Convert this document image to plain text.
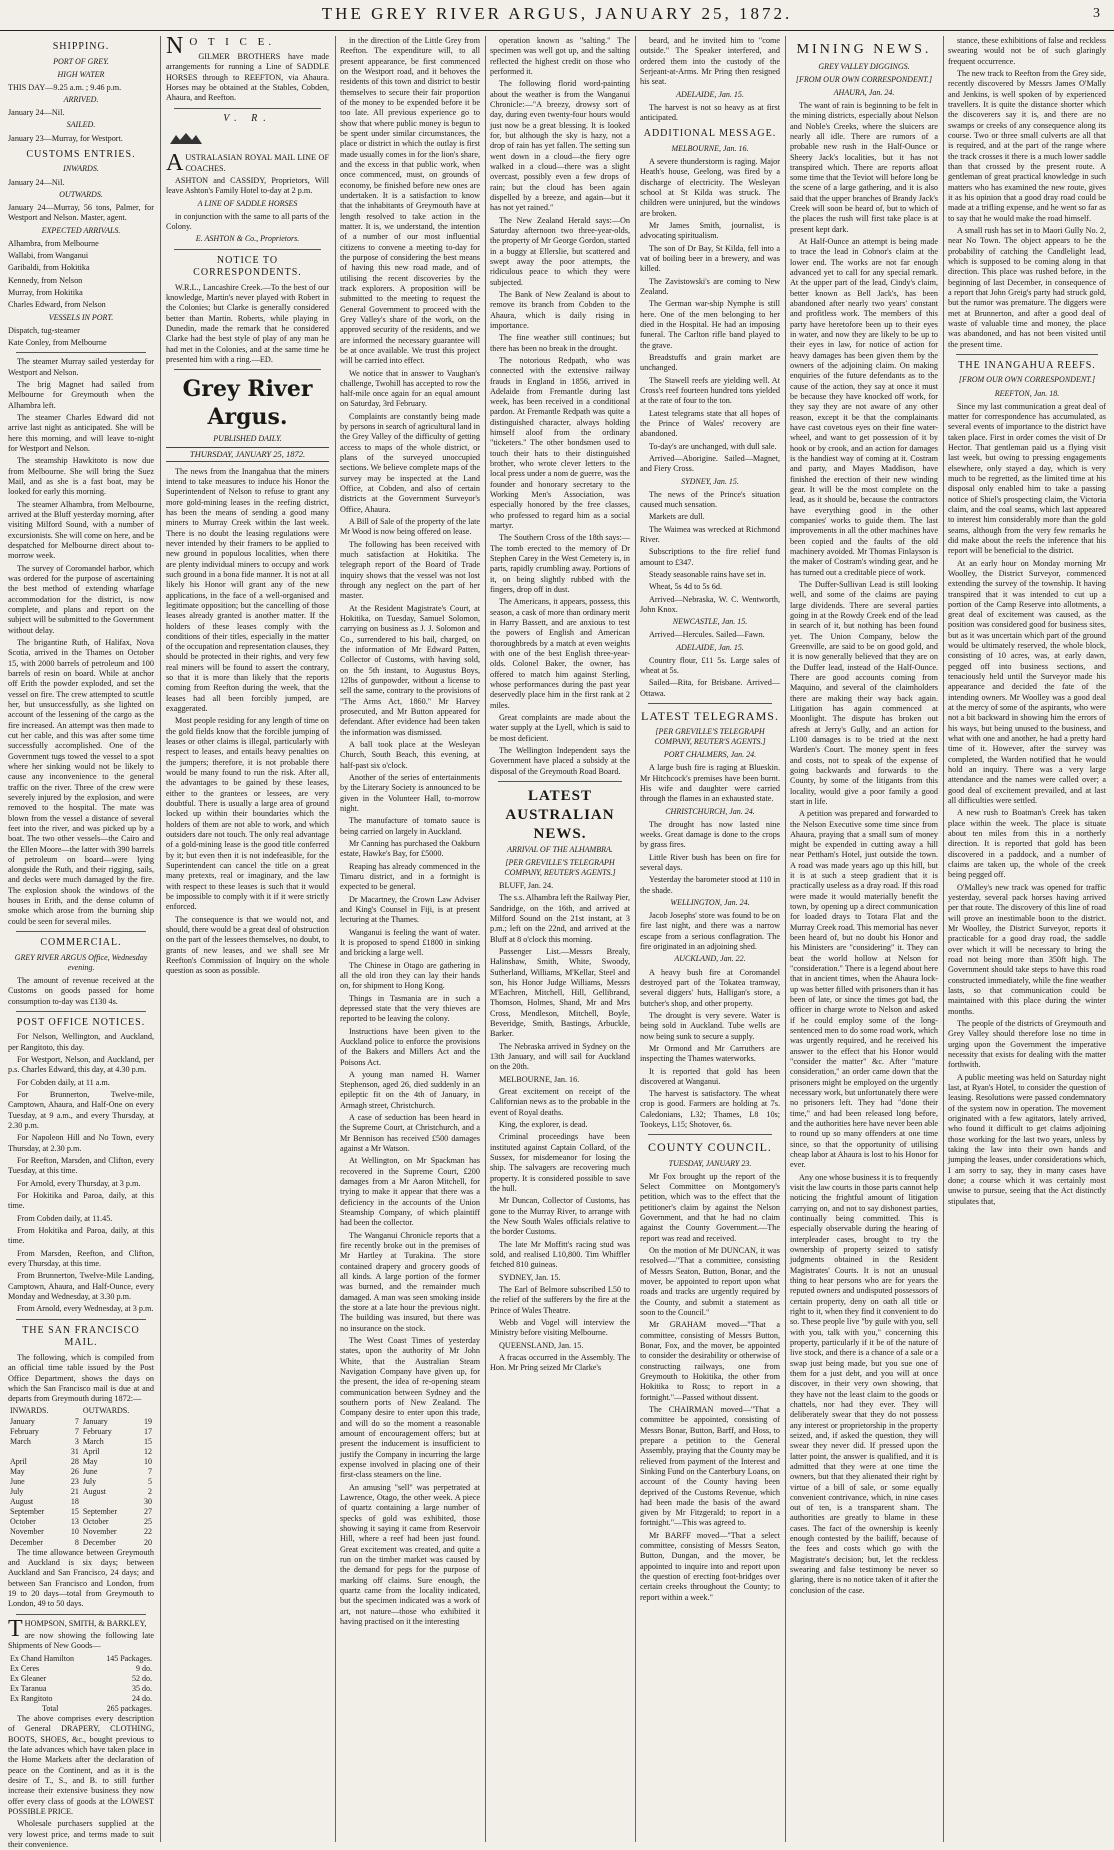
THE GREY RIVER ARGUS, JANUARY 25, 1872.	3
SHIPPING.
PORT OF GREY.
HIGH WATER

THIS DAY—9.25 a.m. ; 9.46 p.m.

ARRIVED.

January 24—Nil.

SAILED.

January 23—Murray, for Westport.

CUSTOMS ENTRIES.
INWARDS.

January 24—Nil.

OUTWARDS.

January 24—Murray, 56 tons, Palmer, for Westport and Nelson. Master, agent.

EXPECTED ARRIVALS.

Alhambra, from Melbourne

Wallabi, from Wanganui

Garibaldi, from Hokitika

Kennedy, from Nelson

Murray, from Hokitika

Charles Edward, from Nelson

VESSELS IN PORT.

Dispatch, tug-steamer

Kate Conley, from Melbourne

The steamer Murray sailed yesterday for Westport and Nelson.

The brig Magnet had sailed from Melbourne for Greymouth when the Alhambra left.

The steamer Charles Edward did not arrive last night as anticipated. She will be here this morning, and will leave to-night for Westport and Nelson.

The steamship Hawkitoto is now due from Melbourne. She will bring the Suez Mail, and as she is a fast boat, may be looked for early this morning.

The steamer Alhambra, from Melbourne, arrived at the Bluff yesterday morning, after visiting Milford Sound, with a number of excursionists. She will come on here, and be despatched for Melbourne direct about to-morrow week.

The survey of Coromandel harbor, which was ordered for the purpose of ascertaining the best method of extending wharfage accommodation for the district, is now complete, and plans and report on the subject will be submitted to the Government without delay.

The brigantine Ruth, of Halifax, Nova Scotia, arrived in the Thames on October 15, with 2000 barrels of petroleum and 100 barrels of resin on board. While at anchor off Erith the powder exploded, and set the vessel on fire. The crew attempted to scuttle her, but unsuccessfully, as she lighted on account of the lessening of the cargo as the fire increased. An attempt was then made to cut her cable, and this was after some time successfully accomplished. One of the Government tugs towed the vessel to a spot where her sinking would not be likely to cause any inconvenience to the general traffic on the river. Three of the crew were severely injured by the explosion, and were removed to the hospital. The mate was blown from the vessel a distance of several feet into the river, and was picked up by a boat. The two other vessels—the Cairo and the Ellen Moore—the latter with 390 barrels of petroleum on board—were lying alongside the Ruth, and their rigging, sails, and decks were much damaged by the fire. The explosion shook the windows of the houses in Erith, and the dense column of smoke which arose from the burning ship could be seen for several miles.

COMMERCIAL.
GREY RIVER ARGUS Office, Wednesday evening.

The amount of revenue received at the Customs on goods passed for home consumption to-day was £130 4s.

POST OFFICE NOTICES.

For Nelson, Wellington, and Auckland, per Rangitoto, this day.

For Westport, Nelson, and Auckland, per p.s. Charles Edward, this day, at 4.30 p.m.

For Cobden daily, at 11 a.m.

For Brunnerton, Twelve-mile, Camptown, Ahaura, and Half-One on every Tuesday, at 9 a.m., and every Thursday, at 2.30 p.m.

For Napoleon Hill and No Town, every Thursday, at 2.30 p.m.

For Reefton, Marsden, and Clifton, every Tuesday, at this time.

For Arnold, every Thursday, at 3 p.m.

For Hokitika and Paroa, daily, at this time.

From Cobden daily, at 11.45.

From Hokitika and Paroa, daily, at this time.

From Marsden, Reefton, and Clifton, every Thursday, at this time.

From Brunnerton, Twelve-Mile Landing, Camptown, Ahaura, and Half-Ounce, every Monday and Wednesday, at 3.30 p.m.

From Arnold, every Wednesday, at 3 p.m.

THE SAN FRANCISCO MAIL.

The following, which is compiled from an official time table issued by the Post Office Department, shows the days on which the San Francisco mail is due at and departs from Greymouth during 1872:—

INWARDS.		OUTWARDS.	
January	7	January	19
February	7	February	17
March	3	March	15
	31	April	12
April	28	May	10
May	26	June	7
June	23	July	5
July	21	August	2
August	18		30
September	15	September	27
October	13	October	25
November	10	November	22
December	8	December	20

The time allowance between Greymouth and Auckland is six days; between Auckland and San Francisco, 24 days; and between San Francisco and London, from 19 to 20 days—total from Greymouth to London, 49 to 50 days.

THOMPSON, SMITH, & BARKLEY,

are now showing the following late Shipments of New Goods—

Ex Chand Hamilton	145 Packages.
Ex Ceres	9 do.
Ex Gleaner	52 do.
Ex Taranua	35 do.
Ex Rangitoto	24 do.
Total	265 packages.

The above comprises every description of General DRAPERY, CLOTHING, BOOTS, SHOES, &c., bought previous to the late advances which have taken place in the Home Markets after the declaration of peace on the Continent, and as it is the desire of T., S., and B. to still further increase their extensive business they now offer every class of goods at the LOWEST POSSIBLE PRICE.

Wholesale purchasers supplied at the very lowest price, and terms made to suit their convenience.

N O T I C E.

GILMER BROTHERS have made arrangements for running a Line of SADDLE HORSES through to REEFTON, via Ahaura. Horses may be obtained at the Stables, Cobden, Ahaura, and Reefton.

V. R.

AUSTRALASIAN ROYAL MAIL LINE OF COACHES.

ASHTON and CASSIDY, Proprietors, Will leave Ashton's Family Hotel to-day at 2 p.m.

A LINE OF SADDLE HORSES

in conjunction with the same to all parts of the Colony.

E. ASHTON & Co., Proprietors.
NOTICE TO CORRESPONDENTS.

W.R.L., Lancashire Creek.—To the best of our knowledge, Martin's never played with Robert in the Colonies; but Clarke is generally considered better than Martin. Roberts, while playing in Dunedin, made the remark that he considered Clarke had the best style of play of any man he had met in the Colonies, and at the same time he presented him with a ring.—ED.

Grey River Argus.
PUBLISHED DAILY.
THURSDAY, JANUARY 25, 1872.

The news from the Inangahua that the miners intend to take measures to induce his Honor the Superintendent of Nelson to refuse to grant any more gold-mining leases in the reefing district, has been the means of sending a good many miners to Murray Creek within the last week. There is no doubt the leasing regulations were never intended by their framers to be applied to new ground in populous localities, when there are plenty individual miners to occupy and work such ground in a bona fide manner. It is not at all likely his Honor will grant any of the new applications, in the face of a well-organised and legitimate opposition; but the cancelling of those leases already granted is another matter. If the holders of these leases comply with the conditions of their titles, especially in the matter of the occupation and representation clauses, they should be protected in their rights, and very few real miners will be found to assert the contrary, so that it is more than likely that the reports coming from Reefton during the week, that the leases had all been forcibly jumped, are exaggerated.

Most people residing for any length of time on the gold fields know that the forcible jumping of leases or other claims is illegal, particularly with respect to leases, and entails heavy penalties on the jumpers; therefore, it is not probable there would be many found to run the risk. After all, the advantages to be gained by these leases, either to the grantees or lessees, are very doubtful. There is usually a large area of ground locked up within their boundaries which the holders of them are not able to work, and which outsiders dare not touch. The only real advantage of a gold-mining lease is the good title conferred by it; but even then it is not indefeasible, for the Superintendent can cancel the title on a great many pretexts, real or imaginary, and the law with respect to these leases is such that it would be impossible to comply with it if it were strictly enforced.

The consequence is that we would not, and should, there would be a great deal of obstruction on the part of the lessees themselves, no doubt, to grants of new leases, and we shall see Mr Reefton's Commission of Inquiry on the whole question as soon as possible.

in the direction of the Little Grey from Reefton. The expenditure will, to all present appearance, be first commenced on the Westport road, and it behoves the residents of this town and district to bestir themselves to secure their fair proportion of the money to be expended before it be too late. All previous experience go to show that where public money is begun to be spent under similar circumstances, the place or district in which the outlay is first made usually comes in for the lion's share, and the excess in that public work, when once commenced, must, on grounds of economy, be finished before new ones are undertaken. It is a satisfaction to know that the inhabitants of Greymouth have at length resolved to take action in the matter. It is, we understand, the intention of a number of our most influential citizens to convene a meeting to-day for the purpose of considering the best means of having this new road made, and of utilising the recent discoveries by the track explorers. A proposition will be submitted to the meeting to request the General Government to proceed with the Grey Valley's share of the work, on the approved security of the residents, and we are informed the necessary guarantee will be at once available. We trust this project will be carried into effect.

We notice that in answer to Vaughan's challenge, Twohill has accepted to row the half-mile once again for an equal amount on Saturday, 3rd February.

Complaints are constantly being made by persons in search of agricultural land in the Grey Valley of the difficulty of getting access to maps of the whole district, or plans of the surveyed unoccupied sections. We believe complete maps of the survey may be inspected at the Land Office, at Cobden, and also of certain districts at the Government Surveyor's Office, Ahaura.

A Bill of Sale of the property of the late Mr Wood is now being offered on lease.

The following has been received with much satisfaction at Hokitika. The telegraph report of the Board of Trade inquiry shows that the vessel was not lost through any neglect on the part of her master.

At the Resident Magistrate's Court, at Hokitika, on Tuesday, Samuel Solomon, carrying on business as J. J. Solomon and Co., surrendered to his bail, charged, on the information of Mr Edward Patten, Collector of Customs, with having sold, on the 5th instant, to Augustus Boys, 12lbs of gunpowder, without a license to sell the same, contrary to the provisions of "The Arms Act, 1860." Mr Harvey prosecuted, and Mr Button appeared for defendant. After evidence had been taken the information was dismissed.

A ball took place at the Wesleyan Church, South Beach, this evening, at half-past six o'clock.

Another of the series of entertainments by the Literary Society is announced to be given in the Volunteer Hall, to-morrow night.

The manufacture of tomato sauce is being carried on largely in Auckland.

Mr Canning has purchased the Oakburn estate, Hawke's Bay, for £5000.

Reaping has already commenced in the Timaru district, and in a fortnight is expected to be general.

Dr Macartney, the Crown Law Adviser and King's Counsel in Fiji, is at present lecturing at the Thames.

Wanganui is feeling the want of water. It is proposed to spend £1800 in sinking and bricking a large well.

The Chinese in Otago are gathering in all the old iron they can lay their hands on, for shipment to Hong Kong.

Things in Tasmania are in such a depressed state that the very thieves are reported to be leaving the colony.

Instructions have been given to the Auckland police to enforce the provisions of the Bakers and Millers Act and the Poisons Act.

A young man named H. Warner Stephenson, aged 26, died suddenly in an epileptic fit on the 4th of January, in Armagh street, Christchurch.

A case of seduction has been heard in the Supreme Court, at Christchurch, and a Mr Bennison has received £500 damages against a Mr Watson.

At Wellington, on Mr Spackman has recovered in the Supreme Court, £200 damages from a Mr Aaron Mitchell, for trying to make it appear that there was a deficiency in the accounts of the Union Steamship Company, of which plaintiff had been the collector.

The Wanganui Chronicle reports that a fire recently broke out in the premises of Mr Hartley at Turakina. The store contained drapery and grocery goods of all kinds. A large portion of the former was burned, and the remainder much damaged. A man was seen smoking inside the store at a late hour the previous night. The building was insured, but there was no insurance on the stock.

The West Coast Times of yesterday states, upon the authority of Mr John White, that the Australian Steam Navigation Company have given up, for the present, the idea of re-opening steam communication between Sydney and the southern ports of New Zealand. The Company desire to enter upon this trade, and will do so the moment a reasonable amount of encouragement offers; but at present the inducement is insufficient to justify the Company in incurring the large expense involved in placing one of their first-class steamers on the line.

An amusing "sell" was perpetrated at Lawrence, Otago, the other week. A piece of quartz containing a large number of specks of gold was exhibited, those showing it saying it came from Reservoir Hill, where a reef had been just found. Great excitement was created, and quite a run on the timber market was caused by the demand for pegs for the purpose of marking off claims. Sure enough, the quartz came from the locality indicated, but the specimen indicated was a work of art, not nature—those who exhibited it having practised on it the interesting

operation known as "salting." The specimen was well got up, and the salting reflected the highest credit on those who performed it.

The following florid word-painting about the weather is from the Wanganui Chronicle:—"A breezy, drowsy sort of day, during even twenty-four hours would just now be a great blessing. It is looked for, but although the sky is hazy, not a drop of rain has yet fallen. The setting sun went down in a cloud—the fiery ogre walked in a cloud—there was a slight overcast, possibly even a few drops of rain; but the cloud has been again dispelled by a breeze, and again—but it has not yet rained."

The New Zealand Herald says:—On Saturday afternoon two three-year-olds, the property of Mr George Gordon, started in a buggy at Ellerslie, but scattered and swept away the poor attempts, the ridiculous peace to which they were subjected.

The Bank of New Zealand is about to remove its branch from Cobden to the Ahaura, which is daily rising in importance.

The fine weather still continues; but there has been no break in the drought.

The notorious Redpath, who was connected with the extensive railway frauds in England in 1856, arrived in Adelaide from Fremantle during last week, has been received in a conditional pardon. At Fremantle Redpath was quite a distinguished character, always holding himself aloof from the ordinary "ticketers." The other bondsmen used to touch their hats to their distinguished brother, who wrote clever letters to the local press under a nom de guerre, was the founder and honorary secretary to the Working Men's Association, was especially honored by the free classes, who professed to regard him as a social martyr.

The Southern Cross of the 18th says:—The tomb erected to the memory of Dr Stephen Carey in the West Cemetery is, in parts, rapidly crumbling away. Portions of it, on being slightly rubbed with the fingers, drop off in dust.

The Americans, it appears, possess, this season, a cask of more than ordinary merit in Harry Bassett, and are anxious to test the powers of English and American thoroughbreds by a match at even weights with one of the best English three-year-olds. Colonel Baker, the owner, has offered to match him against Sterling, whose performances during the past year deservedly place him in the first rank at 2 miles.

Great complaints are made about the water supply at the Lyell, which is said to be most deficient.

The Wellington Independent says the Government have placed a subsidy at the disposal of the Greymouth Road Board.

LATEST AUSTRALIAN NEWS.
ARRIVAL OF THE ALHAMBRA.
[PER GREVILLE'S TELEGRAPH COMPANY, REUTER'S AGENTS.]

BLUFF, Jan. 24.

The s.s. Alhambra left the Railway Pier, Sandridge, on the 16th, and arrived at Milford Sound on the 21st instant, at 3 p.m.; left on the 22nd, and arrived at the Bluff at 8 o'clock this morning.

Passenger List.—Messrs Brealy, Halinshaw, Smith, White, Swoody, Sutherland, Williams, M'Kellar, Steel and son, his Honor Judge Williams, Messrs M'Eachren, Mitchell, Hill, Gellibrand, Thomson, Holmes, Shand, Mr and Mrs Cross, Mendleson, Mitchell, Boyle, Beveridge, Smith, Bastings, Arbuckle, Barker.

The Nebraska arrived in Sydney on the 13th January, and will sail for Auckland on the 20th.

MELBOURNE, Jan. 16.

Great excitement on receipt of the Californian news as to the probable in the event of Royal deaths.

King, the explorer, is dead.

Criminal proceedings have been instituted against Captain Collard, of the Sussex, for misdemeanor for losing the ship. The salvagers are recovering much property. It is considered possible to save the hull.

Mr Duncan, Collector of Customs, has gone to the Murray River, to arrange with the New South Wales officials relative to the border Customs.

The late Mr Moffitt's racing stud was sold, and realised L10,800. Tim Whiffler fetched 810 guineas.

SYDNEY, Jan. 15.

The Earl of Belmore subscribed L50 to the relief of the sufferers by the fire at the Prince of Wales Theatre.

Webb and Vogel will interview the Ministry before visiting Melbourne.

QUEENSLAND, Jan. 15.

A fracas occurred in the Assembly. The Hon. Mr Pring seized Mr Clarke's

beard, and he invited him to "come outside." The Speaker interfered, and ordered them into the custody of the Serjeant-at-Arms. Mr Pring then resigned his seat.

ADELAIDE, Jan. 15.

The harvest is not so heavy as at first anticipated.

ADDITIONAL MESSAGE.
MELBOURNE, Jan. 16.

A severe thunderstorm is raging. Major Heath's house, Geelong, was fired by a discharge of electricity. The Wesleyan school at St Kilda was struck. The children were uninjured, but the windows are broken.

Mr James Smith, journalist, is advocating spiritualism.

The son of Dr Bay, St Kilda, fell into a vat of boiling beer in a brewery, and was killed.

The Zavistowski's are coming to New Zealand.

The German war-ship Nymphe is still here. One of the men belonging to her died in the Hospital. He had an imposing funeral. The Carlton rifle band played to the grave.

Breadstuffs and grain market are unchanged.

The Stawell reefs are yielding well. At Cross's reef fourteen hundred tons yielded at the rate of four to the ton.

Latest telegrams state that all hopes of the Prince of Wales' recovery are abandoned.

To-day's are unchanged, with dull sale.

Arrived—Aborigine. Sailed—Magnet, and Fiery Cross.

SYDNEY, Jan. 15.

The news of the Prince's situation caused much sensation.

Markets are dull.

The Waimea was wrecked at Richmond River.

Subscriptions to the fire relief fund amount to £347.

Steady seasonable rains have set in.

Wheat, 5s 4d to 5s 6d.

Arrived—Nebraska, W. C. Wentworth, John Knox.

NEWCASTLE, Jan. 15.

Arrived—Hercules. Sailed—Fawn.

ADELAIDE, Jan. 15.

Country flour, £11 5s. Large sales of wheat at 5s.

Sailed—Rita, for Brisbane. Arrived—Ottawa.

LATEST TELEGRAMS.
[PER GREVILLE'S TELEGRAPH COMPANY, REUTER'S AGENTS.]
PORT CHALMERS, Jan. 24.

A large bush fire is raging at Blueskin. Mr Hitchcock's premises have been burnt. His wife and daughter were carried through the flames in an exhausted state.

CHRISTCHURCH, Jan. 24.

The drought has now lasted nine weeks. Great damage is done to the crops by grass fires.

Little River bush has been on fire for several days.

Yesterday the barometer stood at 110 in the shade.

WELLINGTON, Jan. 24.

Jacob Josephs' store was found to be on fire last night, and there was a narrow escape from a serious conflagration. The fire originated in an adjoining shed.

AUCKLAND, Jan. 22.

A heavy bush fire at Coromandel destroyed part of the Tokatea tramway, several diggers' huts, Halligan's store, a butcher's shop, and other property.

The drought is very severe. Water is being sold in Auckland. Tube wells are now being sunk to secure a supply.

Mr Ormond and Mr Carruthers are inspecting the Thames waterworks.

It is reported that gold has been discovered at Wanganui.

The harvest is satisfactory. The wheat crop is good. Farmers are holding at 7s. Caledonians, L32; Thames, L8 10s; Tookeys, L15; Shotover, 6s.

COUNTY COUNCIL.
TUESDAY, JANUARY 23.

Mr Fox brought up the report of the Select Committee on Montgomery's petition, which was to the effect that the petitioner's claim by against the Nelson Government, and that he had no claim against the County Government.—The report was read and received.

On the motion of Mr DUNCAN, it was resolved—"That a committee, consisting of Messrs Seaton, Button, Bonar, and the mover, be appointed to report upon what roads and tracks are urgently required by the County, and submit a statement as soon to the Council."

Mr GRAHAM moved—"That a committee, consisting of Messrs Button, Bonar, Fox, and the mover, be appointed to consider the desirability or otherwise of constructing railways, one from Greymouth to Hokitika, the other from Hokitika to Ross; to report in a fortnight."—Passed without dissent.

The CHAIRMAN moved—"That a committee be appointed, consisting of Messrs Bonar, Button, Barff, and Hoss, to prepare a petition to the General Assembly, praying that the County may be relieved from payment of the Interest and Sinking Fund on the Canterbury Loans, on account of the County having been deprived of the Customs Revenue, which had been made the basis of the award given by Mr Fitzgerald; to report in a fortnight."—This was agreed to.

Mr BARFF moved—"That a select committee, consisting of Messrs Seaton, Button, Dungan, and the mover, be appointed to inquire into and report upon the question of erecting foot-bridges over certain creeks throughout the County; to report within a week."

MINING NEWS.
GREY VALLEY DIGGINGS.
[FROM OUR OWN CORRESPONDENT.]
AHAURA, Jan. 24.

The want of rain is beginning to be felt in the mining districts, especially about Nelson and Noble's Creeks, where the sluicers are nearly all idle. There are rumors of a probable new rush in the Half-Ounce or Sheery Jack's localities, but it has not transpired which. There are reports afloat some time that the Teviot will before long be the scene of a large gathering, and it is also said that the upper branches of Brandy Jack's Creek will soon be heard of, but to which of the places the rush will first take place is at present kept dark.

At Half-Ounce an attempt is being made to trace the lead in Cobnor's claim at the lower end. The works are not far enough advanced yet to call for any special remark. At the upper part of the lead, Cindy's claim, better known as Bell Jack's, has been abandoned after nearly two years' constant and profitless work. The members of this party have heretofore been up to their eyes in water, and now they are likely to be up to their eyes in law, for notice of action for heavy damages has been given them by the owners of the adjoining claim. On making enquiries of the future defendants as to the cause of the action, they say at once it must be because they have knocked off work, for they say they are not aware of any other reason, except it be that the complainants have cast covetous eyes on their fine water-wheel, and want to get possession of it by hook or by crook, and an action for damages is the handiest way of coming at it. Costram and party, and Mayes Maddison, have finished the erection of their new winding gear. It will be the most complete on the lead, as it should be, because the contractors have everything good in the other companies' works to guide them. The last improvements in all the other machines have been copied and the faults of the old machinery avoided. Mr Thomas Finlayson is the maker of Costram's winding gear, and he has turned out a creditable piece of work.

The Duffer-Sullivan Lead is still looking well, and some of the claims are paying large dividends. There are several parties going in at the Rowdy Creek end of the lead in search of it, but nothing has been found yet. The Union Company, below the Greenville, are said to be on good gold, and it is now generally believed that they are on the Duffer lead, instead of the Half-Ounce. There are good accounts coming from Maquino, and several of the claimholders there are making their way back again. Litigation has again commenced at Moonlight. The dispute has broken out afresh at Jerry's Gully, and an action for L100 damages is to be tried at the next Warden's Court. The money spent in fees and costs, not to speak of the expense of going backwards and forwards to the County, by some of the litigants from this locality, would give a poor family a good start in life.

A petition was prepared and forwarded to the Nelson Executive some time since from Ahaura, praying that a small sum of money might be expended in cutting away a hill near Pettham's Hotel, just outside the town. A road was made years ago up this hill, but it is at such a steep gradient that it is practically useless as a dray road. If this road were made it would materially benefit the town, by opening up a direct communication for loaded drays to Totara Flat and the Murray Creek road. This memorial has never been heard of, but no doubt his Honor and his Ministers are "considering" it. They can beat the world hollow at Nelson for "consideration." There is a legend about here that in ancient times, when the Ahaura lock-up was better filled with prisoners than it has been of late, or since the times got bad, the officer in charge wrote to Nelson and asked if he could employ some of the long-sentenced men to do some road work, which was urgently required, and he received his answer to the effect that his Honor would "consider the matter" &c. After "mature consideration," an order came down that the prisoners might be employed on the urgently necessary work, but unfortunately there were no prisoners left. They had "done their time," and had been released long before, and the authorities here have never been able to round up so many offenders at one time since, so that the opportunity of utilising cheap labor at Ahaura is lost to his Honor for ever.

Any one whose business it is to frequently visit the law courts in those parts cannot help noticing the frightful amount of litigation carrying on, and not to say dishonest parties, continually being committed. This is especially observable during the hearing of interpleader cases, brought to try the ownership of property seized to satisfy judgments obtained in the Resident Magistrates' Courts. It is not an unusual thing to hear persons who are for years the reputed owners and undisputed possessors of certain property, deny on oath all title or right to it, when they find it convenient to do so. These people live "by guile with you, sell with you, talk with you," concerning this property, particularly if it be of the nature of live stock, and there is a chance of a sale or a swap just being made, but you sue one of them for a just debt, and you will at once discover, in their very own showing, that they have not the least claim to the goods or chattels, nor had they ever. They will deliberately swear that they do not possess any interest or proprietorship in the property seized, and, if asked the question, they will swear they never did. If pressed upon the latter point, the answer is qualified, and it is admitted that they were at one time the owners, but that they alienated their right by virtue of a bill of sale, or some equally convenient contrivance, which, in nine cases out of ten, is a transparent sham. The authorities are greatly to blame in these cases. The fact of the ownership is keenly enough contested by the bailiff, because of the fees and costs which go with the Magistrate's decision; but, let the reckless swearing and false testimony be never so glaring, there is no notice taken of it after the conclusion of the case.

stance, these exhibitions of false and reckless swearing would not be of such glaringly frequent occurrence.

The new track to Reefton from the Grey side, recently discovered by Messrs James O'Mally and Jenkins, is well spoken of by experienced travellers. It is quite the distance shorter which the discoverers say it is, and there are no swamps or creeks of any consequence along its course. Two or three small culverts are all that is required, and at the part of the range where the track crosses it there is a much lower saddle than that crossed by the present route. A gentleman of great practical knowledge in such matters who has examined the new route, gives it as his opinion that a good dray road could be made at a trifling expense, and he went so far as to say that he would make the road himself.

A small rush has set in to Maori Gully No. 2, near No Town. The object appears to be the probability of catching the Candlelight lead, which is supposed to be coming along in that direction. This place was rushed before, in the beginning of last December, in consequence of a report that John Greig's party had struck gold, but the rumor was premature. The diggers were met at Brunnerton, and after a good deal of waste of valuable time and money, the place was abandoned, and has not been visited until the present time.

THE INANGAHUA REEFS.
[FROM OUR OWN CORRESPONDENT.]
REEFTON, Jan. 18.

Since my last communication a great deal of matter for correspondence has accumulated, as several events of importance to the district have taken place. First in order comes the visit of Dr Hector. That gentleman paid us a flying visit last week, but owing to pressing engagements elsewhere, only stayed a day, which is very much to be regretted, as the limited time at his disposal only enabled him to take a passing notice of Shiel's prospecting claim, the Victoria claim, and the coal seams, which last appeared to interest him considerably more than the gold seams, although from the very few remarks he did make about the reefs the inference that his report will be beneficial to the district.

At an early hour on Monday morning Mr Woolley, the District Surveyor, commenced extending the survey of the township. It having transpired that it was intended to cut up a portion of the Camp Reserve into allotments, a great deal of excitement was caused, as the position was considered good for business sites, but as it was uncertain which part of the ground would be ultimately reserved, the whole block, consisting of 10 acres, was, at early dawn, pegged off into business sections, and tenaciously held until the Surveyor made his appearance and decided the fate of the intending owners. Mr Woolley was a good deal at the mercy of some of the aspirants, who were not a bit backward in showing him the errors of his ways, but being unused to the business, and what with one and another, he had a pretty hard time of it. However, after the survey was completed, the Warden notified that he would hold an inquiry. There was a very large attendance and the names were called over; a good deal of excitement prevailed, and at last all difficulties were settled.

A new rush to Boatman's Creek has taken place within the week. The place is situate about ten miles from this in a northerly direction. It is reported that gold has been discovered in a paddock, and a number of claims are taken up, the whole of the creek being pegged off.

O'Malley's new track was opened for traffic yesterday, several pack horses having arrived per that route. The discovery of this line of road will prove an inestimable boon to the district. Mr Woolley, the District Surveyor, reports it practicable for a good dray road, the saddle over which it will be necessary to bring the road not being more than 350ft high. The Government should take steps to have this road constructed immediately, while the fine weather lasts, so that communication could be maintained with this place during the winter months.

The people of the districts of Greymouth and Grey Valley should therefore lose no time in urging upon the Government the imperative necessity that exists for dealing with the matter forthwith.

A public meeting was held on Saturday night last, at Ryan's Hotel, to consider the question of leasing. Resolutions were passed condemnatory of the system now in operation. The movement originated with a few agitators, lately arrived, who found it difficult to get claims adjoining those working for the last two years, unless by taking the law into their own hands and jumping the leases, under considerations which, I am sorry to say, they in many cases have done; a course which it was certainly most unwise to pursue, seeing that the Act distinctly stipulates that,
